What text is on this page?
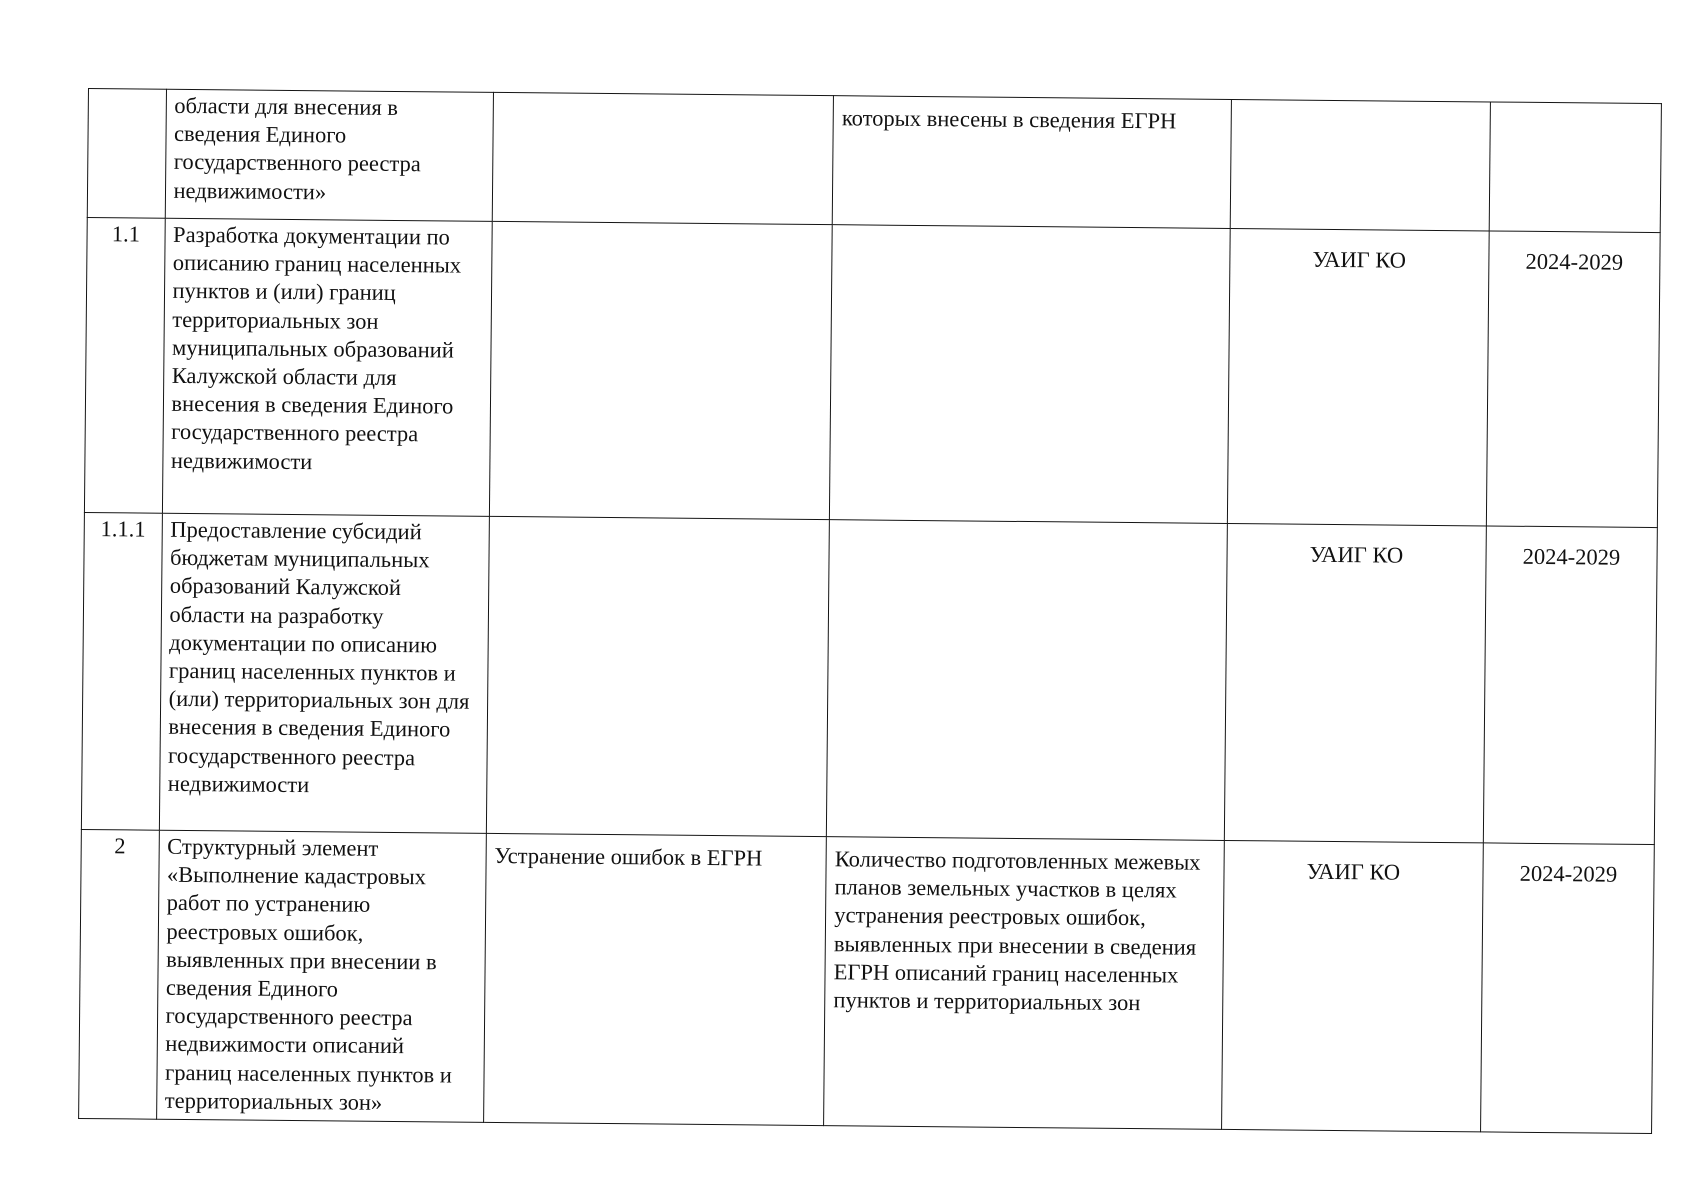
	области для внесения в сведения Единого государственного реестра недвижимости»		которых внесены в сведения ЕГРН		
1.1	Разработка документации по описанию границ населенных пунктов и (или) границ территориальных зон муниципальных образований Калужской области для внесения в сведения Единого государственного реестра недвижимости			УАИГ КО	2024-2029
1.1.1	Предоставление субсидий бюджетам муниципальных образований Калужской области на разработку документации по описанию границ населенных пунктов и (или) территориальных зон для внесения в сведения Единого государственного реестра недвижимости			УАИГ КО	2024-2029
2	Структурный элемент «Выполнение кадастровых работ по устранению реестровых ошибок, выявленных при внесении в сведения Единого государственного реестра недвижимости описаний границ населенных пунктов и территориальных зон»	Устранение ошибок в ЕГРН	Количество подготовленных межевых планов земельных участков в целях устранения реестровых ошибок, выявленных при внесении в сведения ЕГРН описаний границ населенных пунктов и территориальных зон	УАИГ КО	2024-2029
